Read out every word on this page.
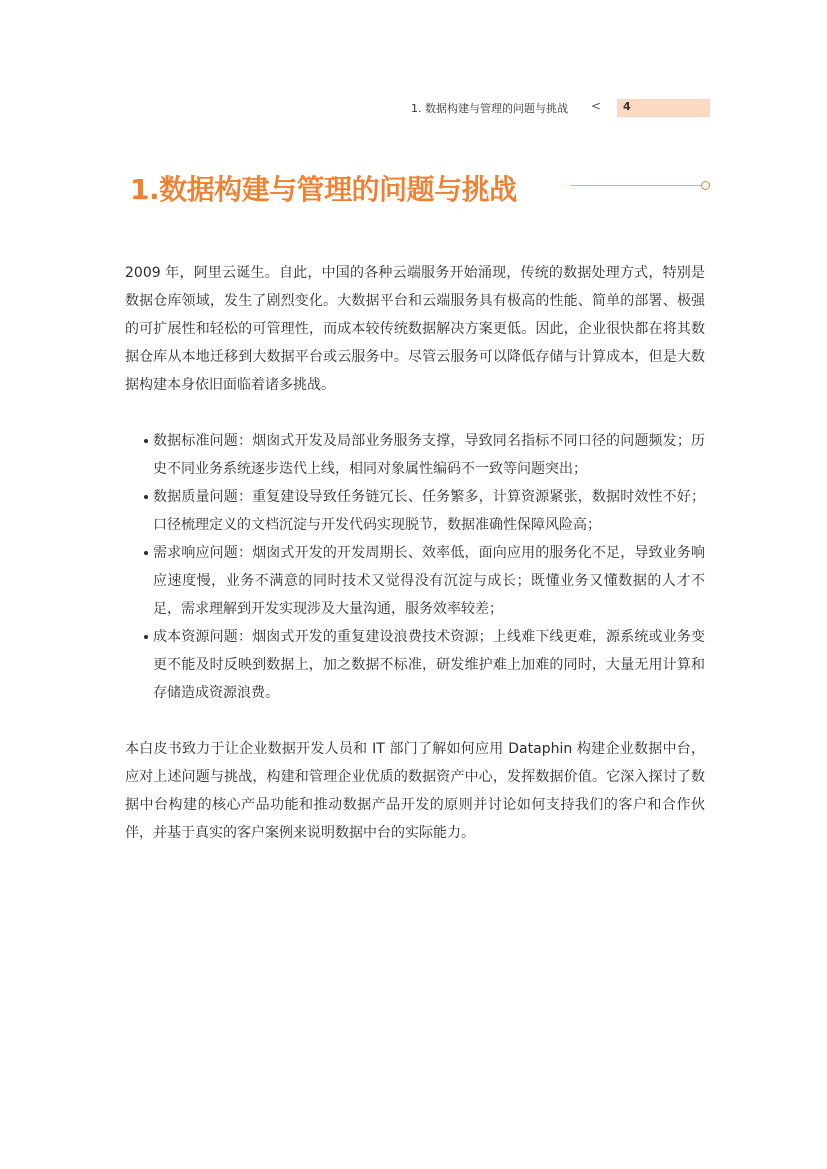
1. 数据构建与管理的问题与挑战 < 4
1.数据构建与管理的问题与挑战

2009 年，阿里云诞生。自此，中国的各种云端服务开始涌现，传统的数据处理方式，特别是数据仓库领域，发生了剧烈变化。大数据平台和云端服务具有极高的性能、简单的部署、极强的可扩展性和轻松的可管理性，而成本较传统数据解决方案更低。因此，企业很快都在将其数据仓库从本地迁移到大数据平台或云服务中。尽管云服务可以降低存储与计算成本，但是大数据构建本身依旧面临着诸多挑战。

数据标准问题：烟囱式开发及局部业务服务支撑，导致同名指标不同口径的问题频发；历史不同业务系统逐步迭代上线，相同对象属性编码不一致等问题突出；
数据质量问题：重复建设导致任务链冗长、任务繁多，计算资源紧张，数据时效性不好；口径梳理定义的文档沉淀与开发代码实现脱节，数据准确性保障风险高；
需求响应问题：烟囱式开发的开发周期长、效率低，面向应用的服务化不足，导致业务响应速度慢，业务不满意的同时技术又觉得没有沉淀与成长；既懂业务又懂数据的人才不足，需求理解到开发实现涉及大量沟通，服务效率较差；
成本资源问题：烟囱式开发的重复建设浪费技术资源；上线难下线更难，源系统或业务变更不能及时反映到数据上，加之数据不标准，研发维护难上加难的同时，大量无用计算和存储造成资源浪费。

本白皮书致力于让企业数据开发人员和 IT 部门了解如何应用 Dataphin 构建企业数据中台，应对上述问题与挑战，构建和管理企业优质的数据资产中心，发挥数据价值。它深入探讨了数据中台构建的核心产品功能和推动数据产品开发的原则并讨论如何支持我们的客户和合作伙伴，并基于真实的客户案例来说明数据中台的实际能力。
